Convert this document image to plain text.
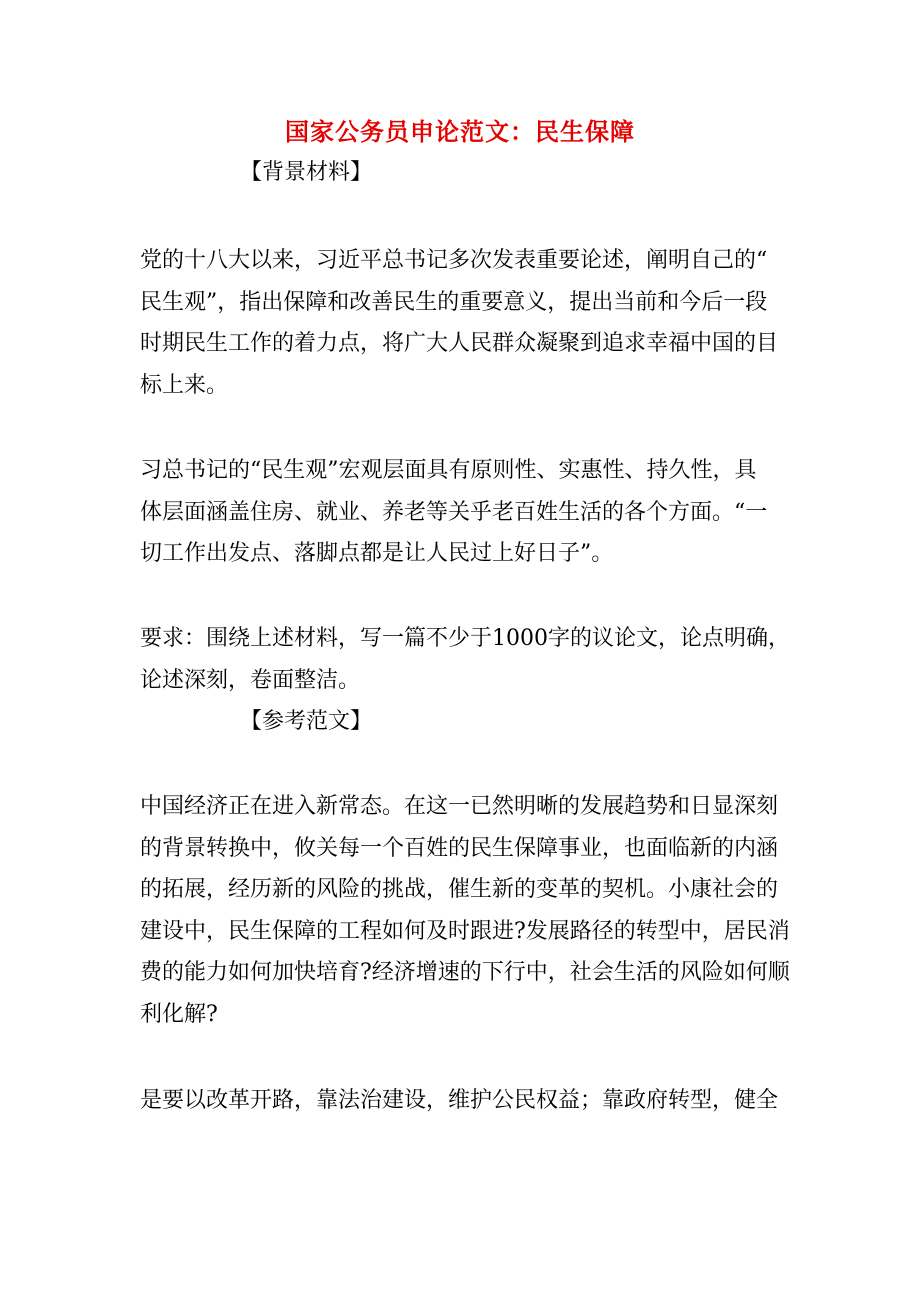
国家公务员申论范文：民生保障
【背景材料】
党的十八大以来，习近平总书记多次发表重要论述，阐明自己的“
民生观”，指出保障和改善民生的重要意义，提出当前和今后一段
时期民生工作的着力点，将广大人民群众凝聚到追求幸福中国的目
标上来。
习总书记的“民生观”宏观层面具有原则性、实惠性、持久性，具
体层面涵盖住房、就业、养老等关乎老百姓生活的各个方面。“一
切工作出发点、落脚点都是让人民过上好日子”。
要求：围绕上述材料，写一篇不少于1000字的议论文，论点明确，
论述深刻，卷面整洁。
【参考范文】
中国经济正在进入新常态。在这一已然明晰的发展趋势和日显深刻
的背景转换中，攸关每一个百姓的民生保障事业，也面临新的内涵
的拓展，经历新的风险的挑战，催生新的变革的契机。小康社会的
建设中，民生保障的工程如何及时跟进?发展路径的转型中，居民消
费的能力如何加快培育?经济增速的下行中，社会生活的风险如何顺
利化解?
是要以改革开路，靠法治建设，维护公民权益；靠政府转型，健全
